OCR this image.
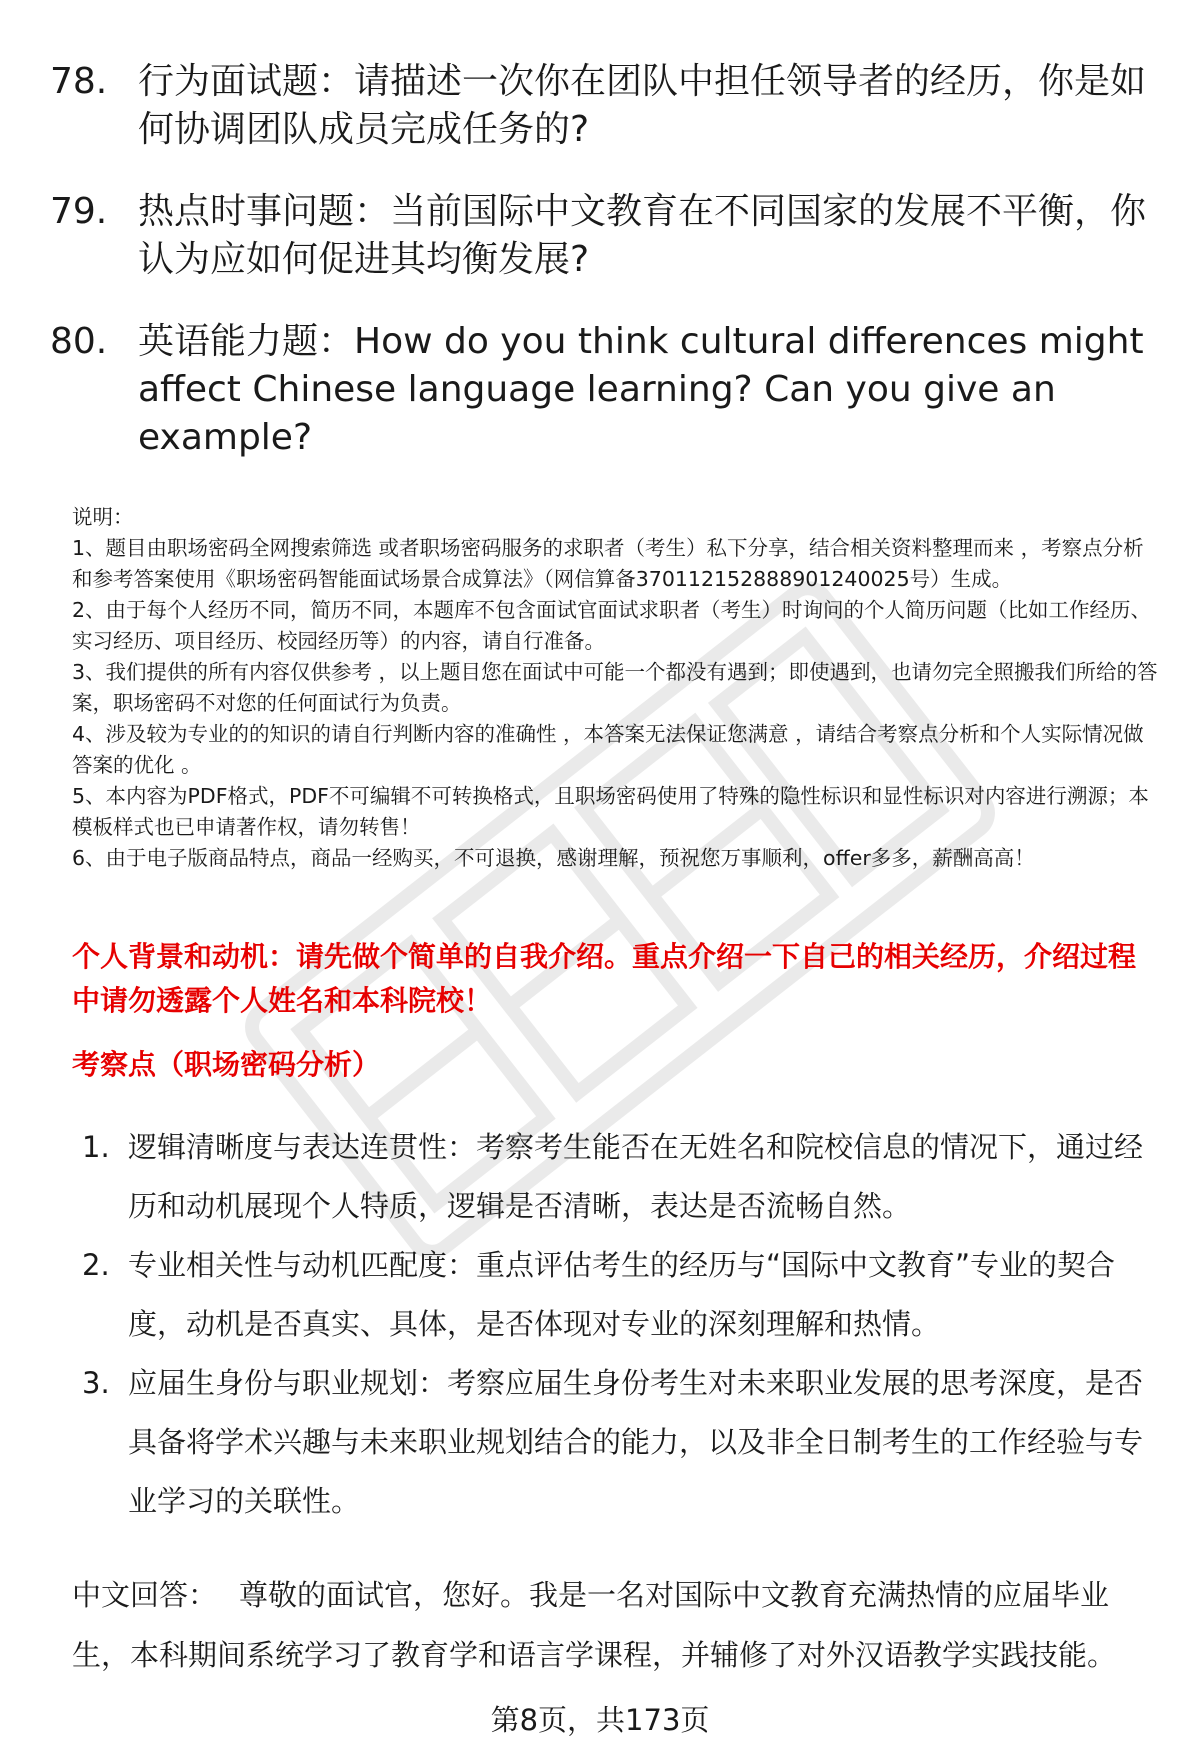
78. 行为面试题：请描述一次你在团队中担任领导者的经历，你是如何协调团队成员完成任务的?
79. 热点时事问题：当前国际中文教育在不同国家的发展不平衡，你认为应如何促进其均衡发展?
80. 英语能力题：How do you think cultural differences might affect Chinese language learning? Can you give an example?

说明：

1、题目由职场密码全网搜索筛选 或者职场密码服务的求职者（考生）私下分享，结合相关资料整理而来 ，考察点分析和参考答案使用《职场密码智能面试场景合成算法》（网信算备370112152888901240025号）生成。

2、由于每个人经历不同，简历不同，本题库不包含面试官面试求职者（考生）时询问的个人简历问题（比如工作经历、实习经历、项目经历、校园经历等）的内容，请自行准备。

3、我们提供的所有内容仅供参考 ，以上题目您在面试中可能一个都没有遇到；即使遇到，也请勿完全照搬我们所给的答案，职场密码不对您的任何面试行为负责。

4、涉及较为专业的的知识的请自行判断内容的准确性 ，本答案无法保证您满意 ，请结合考察点分析和个人实际情况做答案的优化 。

5、本内容为PDF格式，PDF不可编辑不可转换格式，且职场密码使用了特殊的隐性标识和显性标识对内容进行溯源；本模板样式也已申请著作权，请勿转售！

6、由于电子版商品特点，商品一经购买，不可退换，感谢理解，预祝您万事顺利，offer多多，薪酬高高！

个人背景和动机：请先做个简单的自我介绍。重点介绍一下自己的相关经历，介绍过程中请勿透露个人姓名和本科院校！
考察点（职场密码分析）
1. 逻辑清晰度与表达连贯性：考察考生能否在无姓名和院校信息的情况下，通过经历和动机展现个人特质，逻辑是否清晰，表达是否流畅自然。
2. 专业相关性与动机匹配度：重点评估考生的经历与“国际中文教育”专业的契合度，动机是否真实、具体，是否体现对专业的深刻理解和热情。
3. 应届生身份与职业规划：考察应届生身份考生对未来职业发展的思考深度，是否具备将学术兴趣与未来职业规划结合的能力，以及非全日制考生的工作经验与专业学习的关联性。
中文回答： 尊敬的面试官，您好。我是一名对国际中文教育充满热情的应届毕业生，本科期间系统学习了教育学和语言学课程，并辅修了对外汉语教学实践技能。
第8页，共173页
